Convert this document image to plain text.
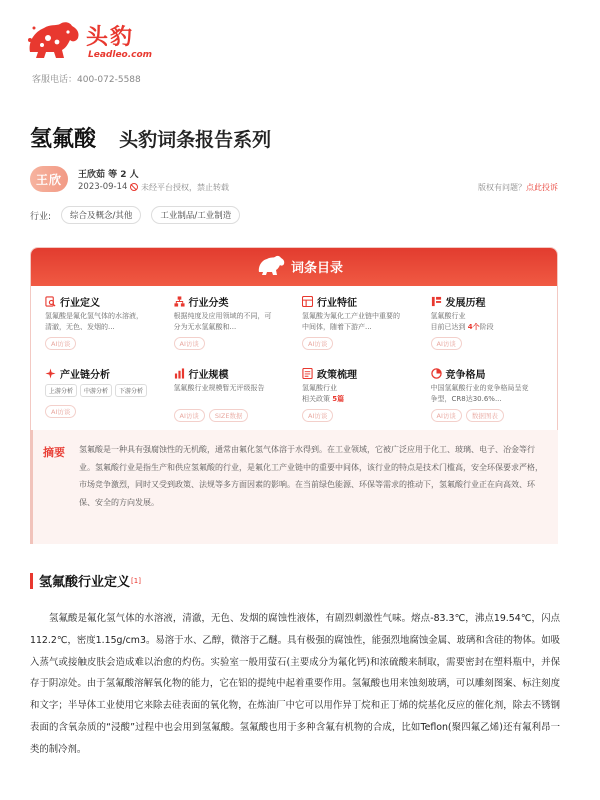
头豹
Leadleo.com
客服电话：400-072-5588
氢氟酸 头豹词条报告系列
王欣	王欣茹 等 2 人
2023-09-14	未经平台授权，禁止转载	版权有问题？点此投诉
行业:	综合及概念/其他	工业制品/工业制造
词条目录
行业定义
氢氟酸是氟化氢气体的水溶液，清澈，无色、发烟的...
AI访谈
行业分类
根据纯度及应用领域的不同，可分为无水氢氟酸和...
AI访谈
行业特征
氢氟酸为氟化工产业链中重要的中间体，随着下游产...
AI访谈
发展历程
氢氟酸行业
目前已达到 4个阶段
AI访谈
产业链分析
上游分析	中游分析	下游分析
AI访谈
行业规模
氢氟酸行业规模暂无评级报告
AI访谈	SIZE数据
政策梳理
氢氟酸行业
相关政策 5篇
AI访谈
竞争格局
中国氢氟酸行业的竞争格局呈竞争型，CR8达30.6%...
AI访谈	数据图表
摘要 氢氟酸是一种具有强腐蚀性的无机酸，通常由氟化氢气体溶于水得到。在工业领域，它被广泛应用于化工、玻璃、电子、冶金等行业。氢氟酸行业是指生产和供应氢氟酸的行业，是氟化工产业链中的重要中间体，该行业的特点是技术门槛高，安全环保要求严格，市场竞争激烈，同时又受到政策、法规等多方面因素的影响。在当前绿色能源、环保等需求的推动下，氢氟酸行业正在向高效、环保、安全的方向发展。
氢氟酸行业定义 [1]
氢氟酸是氟化氢气体的水溶液，清澈，无色、发烟的腐蚀性液体，有剧烈刺激性气味。熔点-83.3℃，沸点19.54℃，闪点112.2℃，密度1.15g/cm3。易溶于水、乙醇，微溶于乙醚。具有极强的腐蚀性，能强烈地腐蚀金属、玻璃和含硅的物体。如吸入蒸气或接触皮肤会造成难以治愈的灼伤。实验室一般用萤石(主要成分为氟化钙)和浓硫酸来制取，需要密封在塑料瓶中，并保存于阴凉处。由于氢氟酸溶解氧化物的能力，它在铝的提纯中起着重要作用。氢氟酸也用来蚀刻玻璃，可以雕刻图案、标注刻度和文字；半导体工业使用它来除去硅表面的氧化物，在炼油厂中它可以用作异丁烷和正丁烯的烷基化反应的催化剂，除去不锈钢表面的含氧杂质的“浸酸”过程中也会用到氢氟酸。氢氟酸也用于多种含氟有机物的合成，比如Teflon(聚四氟乙烯)还有氟利昂一类的制冷剂。
